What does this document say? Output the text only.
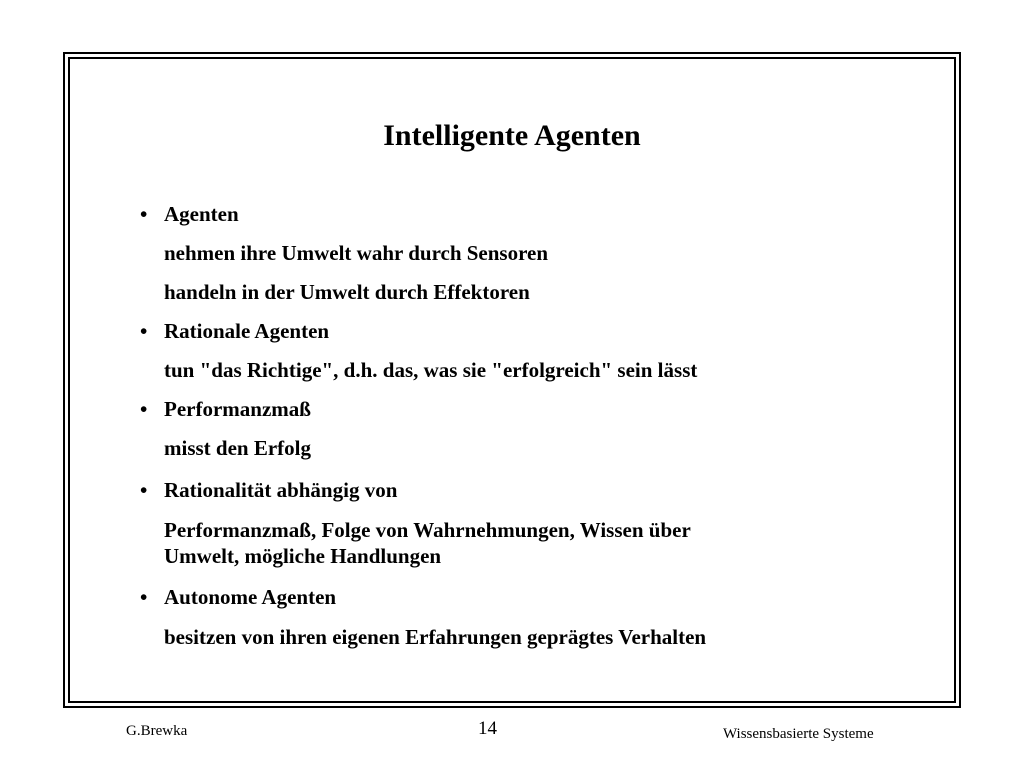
Intelligente Agenten
• Agenten
nehmen ihre Umwelt wahr durch Sensoren
handeln in der Umwelt durch Effektoren
• Rationale Agenten
tun "das Richtige", d.h. das, was sie "erfolgreich" sein lässt
• Performanzmaß
misst den Erfolg
• Rationalität abhängig von
Performanzmaß, Folge von Wahrnehmungen, Wissen über
Umwelt, mögliche Handlungen
• Autonome Agenten
besitzen von ihren eigenen Erfahrungen geprägtes Verhalten
G.Brewka	14	Wissensbasierte Systeme
